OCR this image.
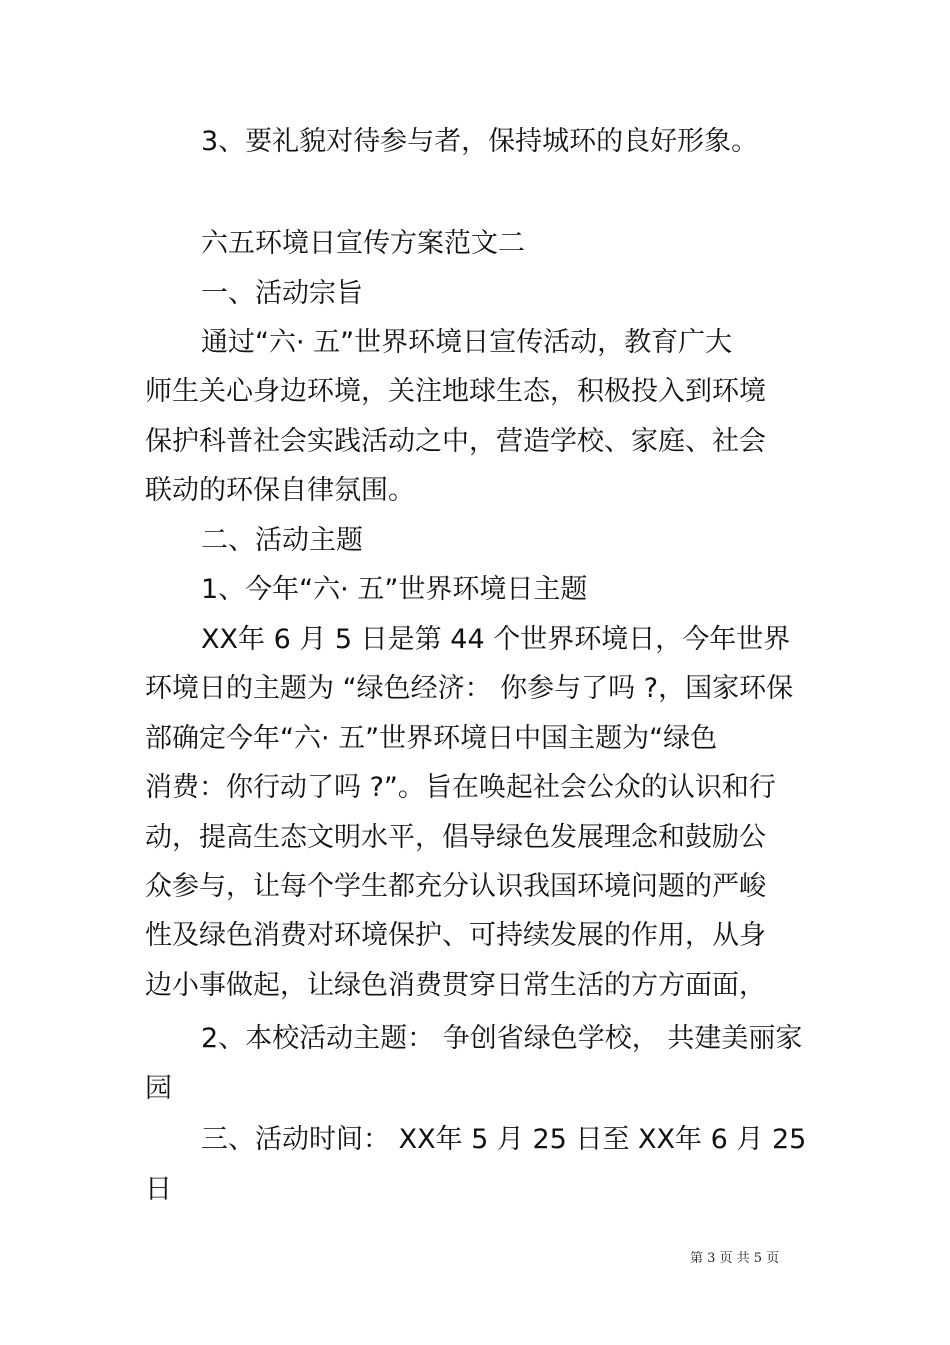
3、要礼貌对待参与者，保持城环的良好形象。
六五环境日宣传方案范文二
一、活动宗旨
通过“六· 五”世界环境日宣传活动，教育广大
师生关心身边环境，关注地球生态，积极投入到环境
保护科普社会实践活动之中，营造学校、家庭、社会
联动的环保自律氛围。
二、活动主题
1、今年“六· 五”世界环境日主题
XX年 6 月 5 日是第 44 个世界环境日，今年世界
环境日的主题为 “绿色经济： 你参与了吗 ?，国家环保
部确定今年“六· 五”世界环境日中国主题为“绿色
消费：你行动了吗 ?”。旨在唤起社会公众的认识和行
动，提高生态文明水平，倡导绿色发展理念和鼓励公
众参与，让每个学生都充分认识我国环境问题的严峻
性及绿色消费对环境保护、可持续发展的作用，从身
边小事做起，让绿色消费贯穿日常生活的方方面面，
2、本校活动主题： 争创省绿色学校， 共建美丽家
园
三、活动时间： XX年 5 月 25 日至 XX年 6 月 25
日
第 3 页 共 5 页
